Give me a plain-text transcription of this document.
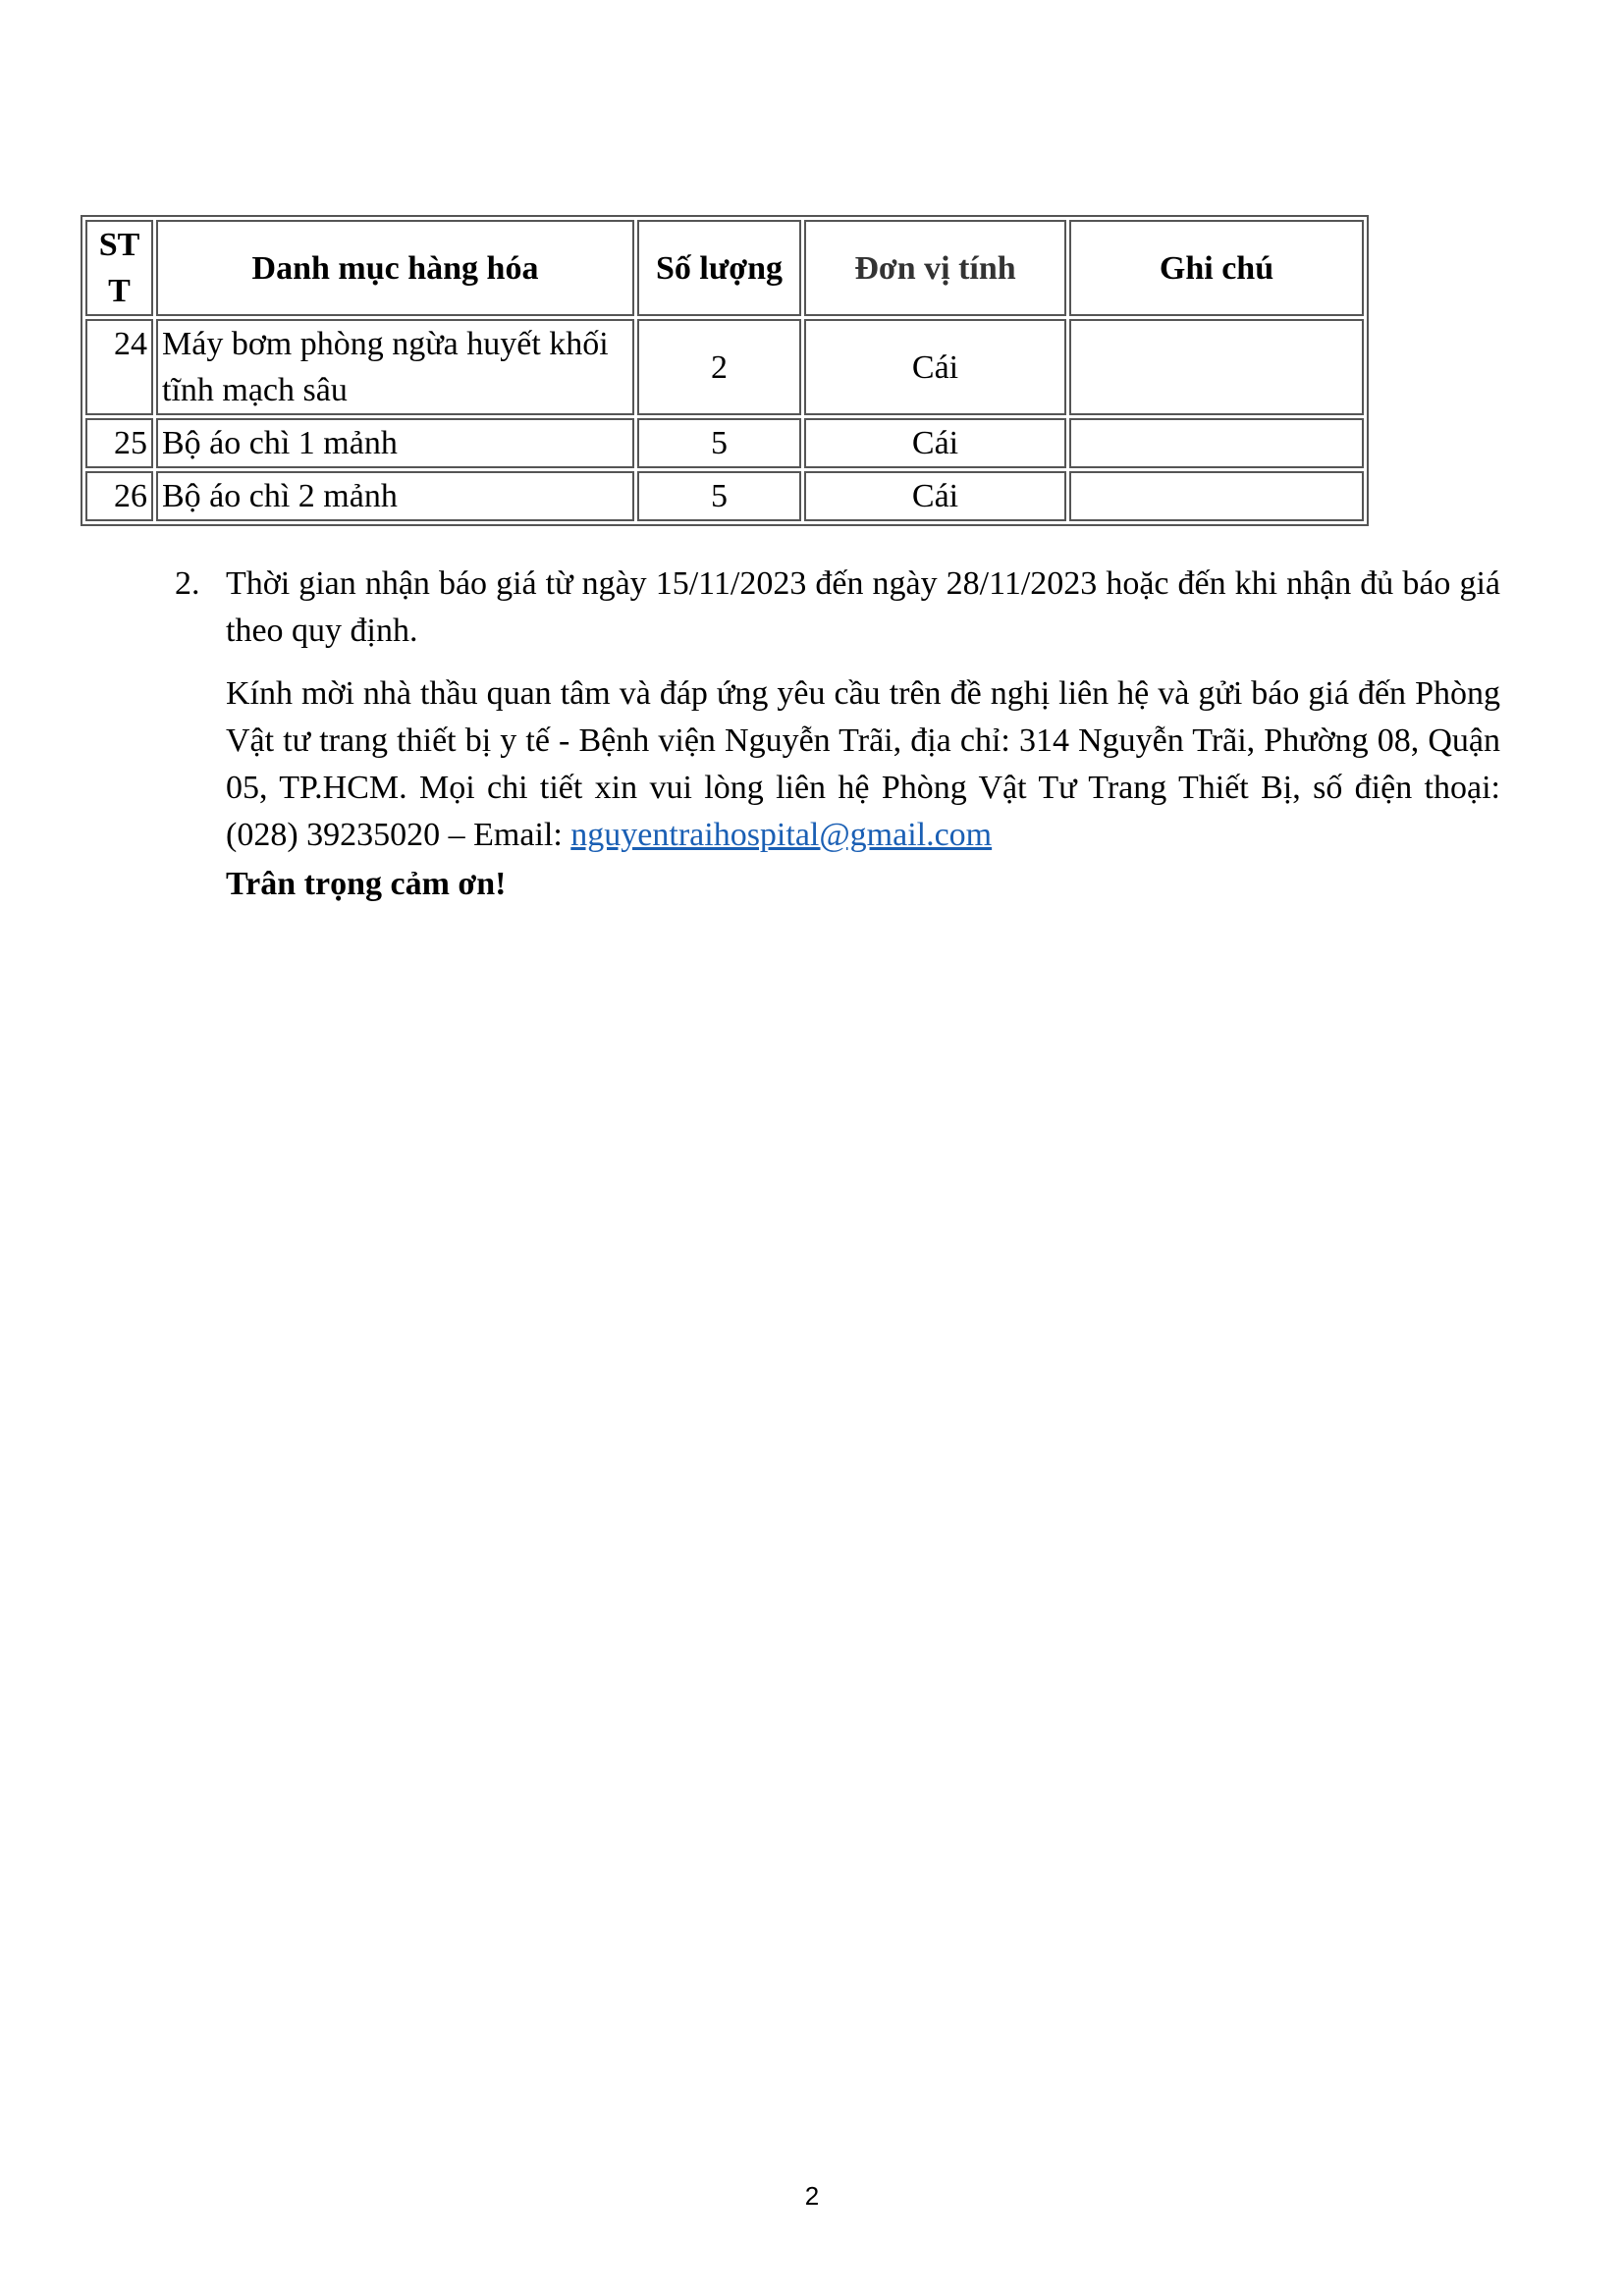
ST T	Danh mục hàng hóa	Số lượng	Đơn vị tính	Ghi chú
24	Máy bơm phòng ngừa huyết khối tĩnh mạch sâu	2	Cái	
25	Bộ áo chì 1 mảnh	5	Cái	
26	Bộ áo chì 2 mảnh	5	Cái	
2. Thời gian nhận báo giá từ ngày 15/11/2023 đến ngày 28/11/2023 hoặc đến khi nhận đủ báo giá theo quy định.
Kính mời nhà thầu quan tâm và đáp ứng yêu cầu trên đề nghị liên hệ và gửi báo giá đến Phòng Vật tư trang thiết bị y tế - Bệnh viện Nguyễn Trãi, địa chỉ: 314 Nguyễn Trãi, Phường 08, Quận 05, TP.HCM. Mọi chi tiết xin vui lòng liên hệ Phòng Vật Tư Trang Thiết Bị, số điện thoại: (028) 39235020 – Email: nguyentraihospital@gmail.com
Trân trọng cảm ơn!
2
